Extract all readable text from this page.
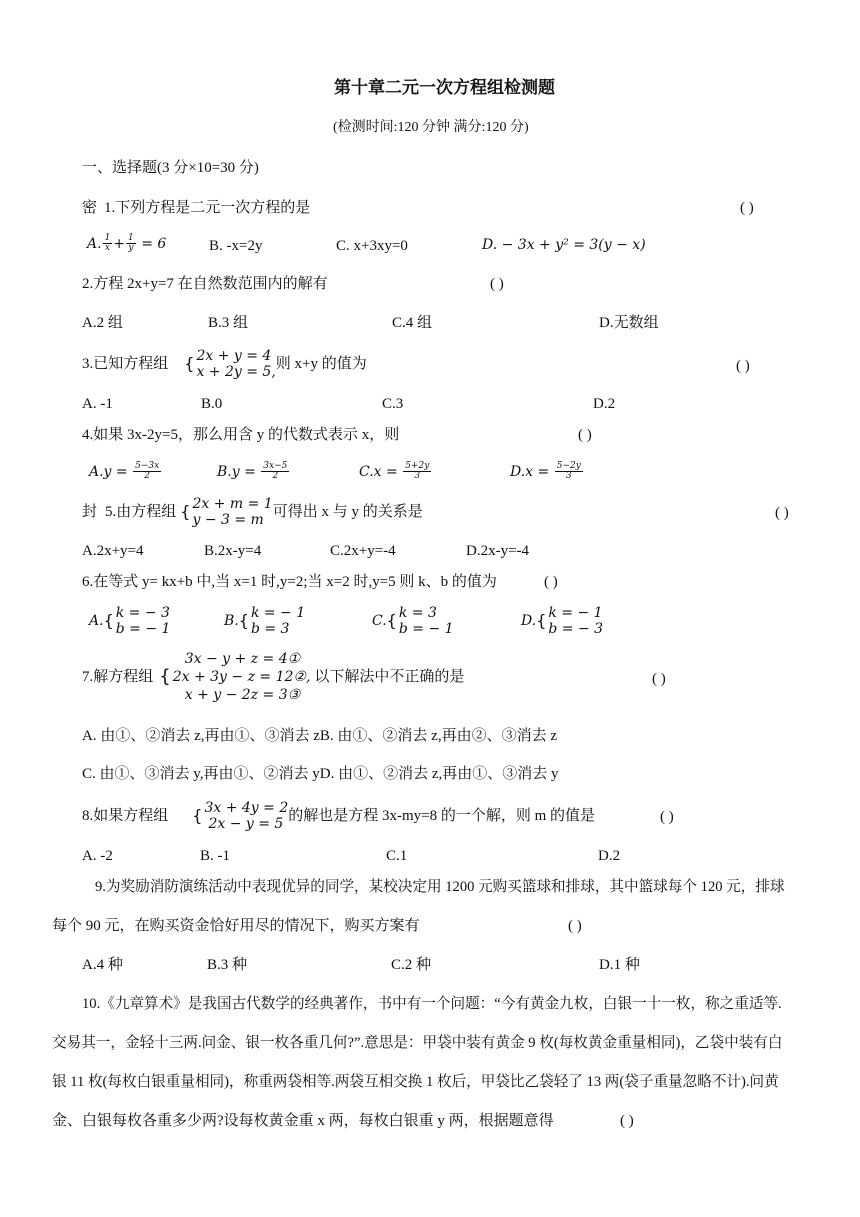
第十章二元一次方程组检测题
(检测时间:120 分钟 满分:120 分)
一、选择题(3 分×10=30 分)
密 1.下列方程是二元一次方程的是	( )
A. $\frac{1}{x} + \frac{1}{y} = 6$	B. -x=2y	C. x+3xy=0	D. − 3x + y² = 3(y − x)
2.方程 2x+y=7 在自然数范围内的解有	( )
A.2 组	B.3 组	C.4 组	D.无数组
3.已知方程组 { 2x + y = 4
x + 2y = 5,
则 x+y 的值为	( )
A. -1	B.0	C.3	D.2
4.如果 3x-2y=5，那么用含 y 的代数式表示 x，则	( )
$A.y = \frac{5-3x}{2}$	$B.y = \frac{3x-5}{2}$	$C.x = \frac{5+2y}{3}$	$D.x = \frac{5-2y}{3}$
封 5.由方程组 { 2x + m = 1
y − 3 = m
可得出 x 与 y 的关系是	( )
A.2x+y=4	B.2x-y=4	C.2x+y=-4	D.2x-y=-4
6.在等式 y= kx+b 中,当 x=1 时,y=2;当 x=2 时,y=5 则 k、b 的值为	( )
A. { k = − 3
b = − 1	B. { k = − 1
b = 3	C. { k = 3
b = − 1	D. { k = − 1
b = − 3
7.解方程组 {
3x − y + z = 4①
2x + 3y − z = 12②,
x + y − 2z = 3③
以下解法中不正确的是	( )
A. 由①、②消去 z,再由①、③消去 zB. 由①、②消去 z,再由②、③消去 z
C. 由①、③消去 y,再由①、②消去 yD. 由①、②消去 z,再由①、③消去 y
8.如果方程组 { 3x + 4y = 2
2x − y = 5
的解也是方程 3x-my=8 的一个解，则 m 的值是	( )
A. -2	B. -1	C.1	D.2
9.为奖励消防演练活动中表现优异的同学，某校决定用 1200 元购买篮球和排球，其中篮球每个 120 元，排球
每个 90 元，在购买资金恰好用尽的情况下，购买方案有	( )
A.4 种	B.3 种	C.2 种	D.1 种
10.《九章算术》是我国古代数学的经典著作，书中有一个问题：“今有黄金九枚，白银一十一枚，称之重适等.
交易其一，金轻十三两.问金、银一枚各重几何?”.意思是：甲袋中装有黄金 9 枚(每枚黄金重量相同)，乙袋中装有白
银 11 枚(每枚白银重量相同)，称重两袋相等.两袋互相交换 1 枚后，甲袋比乙袋轻了 13 两(袋子重量忽略不计).问黄
金、白银每枚各重多少两?设每枚黄金重 x 两，每枚白银重 y 两，根据题意得	( )
